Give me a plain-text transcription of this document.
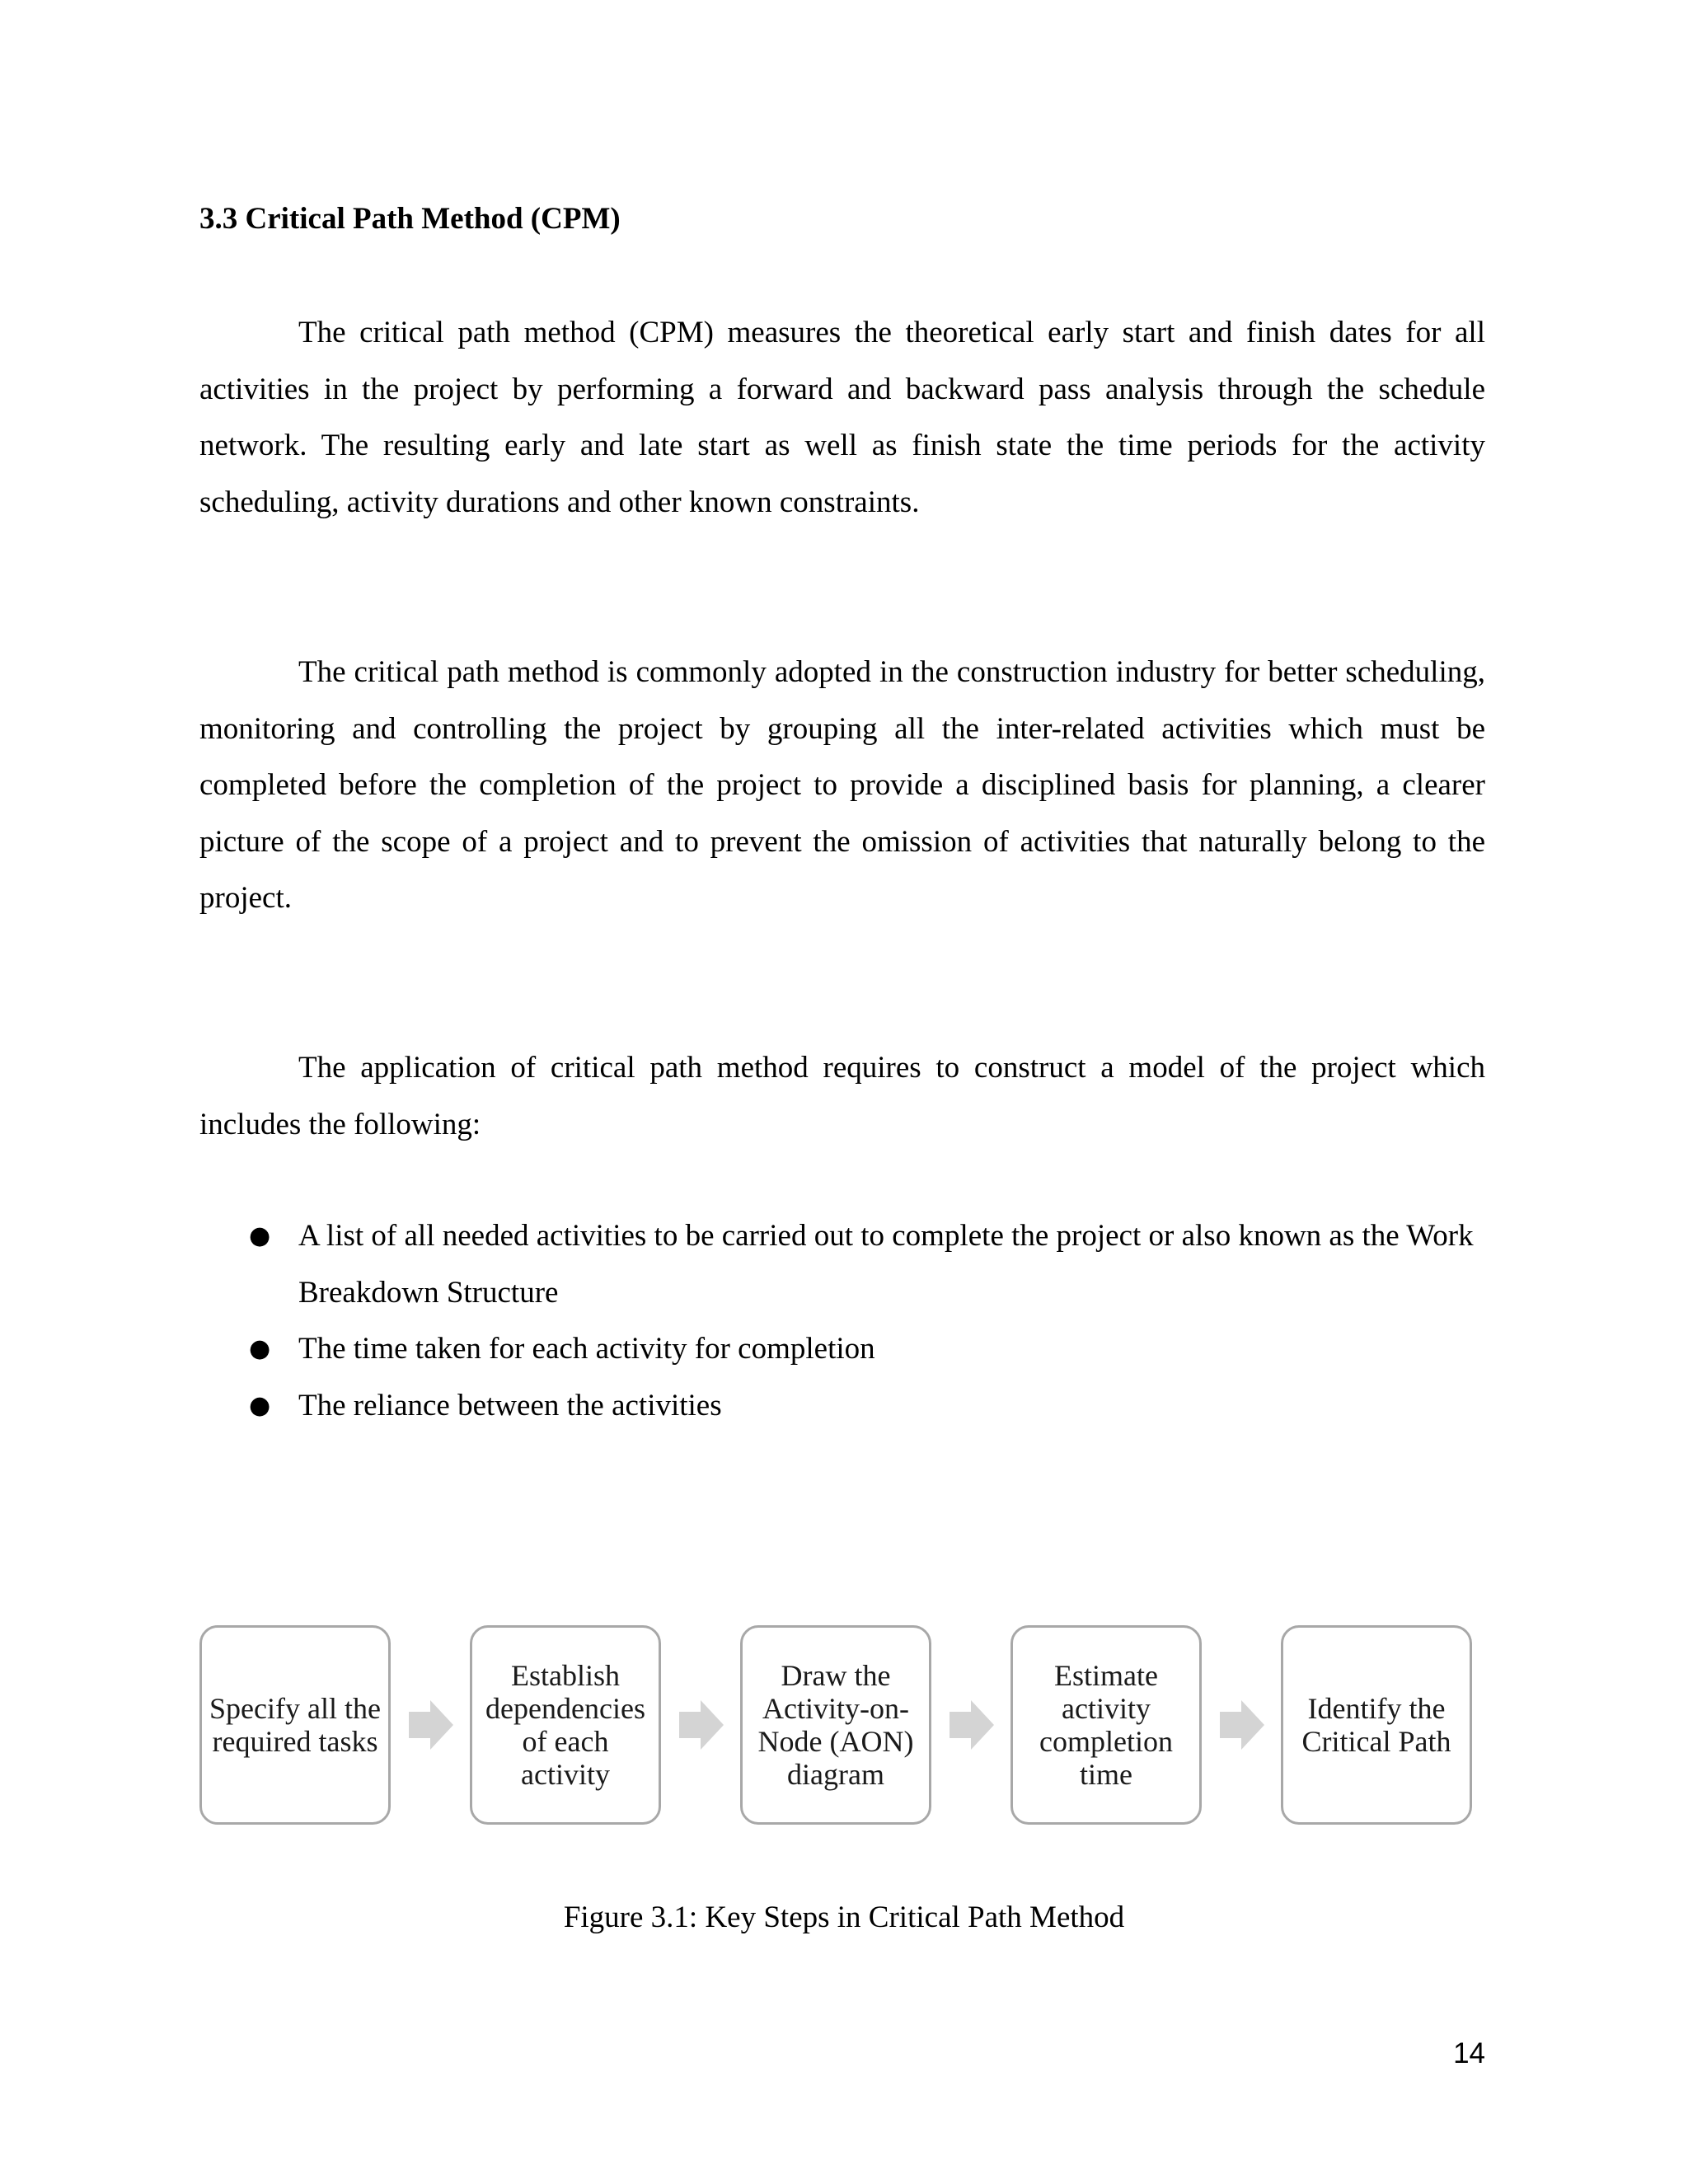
3.3 Critical Path Method (CPM)

The critical path method (CPM) measures the theoretical early start and finish dates for all activities in the project by performing a forward and backward pass analysis through the schedule network. The resulting early and late start as well as finish state the time periods for the activity scheduling, activity durations and other known constraints.

The critical path method is commonly adopted in the construction industry for better scheduling, monitoring and controlling the project by grouping all the inter-related activities which must be completed before the completion of the project to provide a disciplined basis for planning, a clearer picture of the scope of a project and to prevent the omission of activities that naturally belong to the project.

The application of critical path method requires to construct a model of the project which includes the following:

● A list of all needed activities to be carried out to complete the project or also known as the Work Breakdown Structure
● The time taken for each activity for completion
● The reliance between the activities
Specify all the required tasks
Establish dependencies of each activity
Draw the Activity-on-Node (AON) diagram
Estimate activity completion time
Identify the Critical Path

Figure 3.1: Key Steps in Critical Path Method

14
